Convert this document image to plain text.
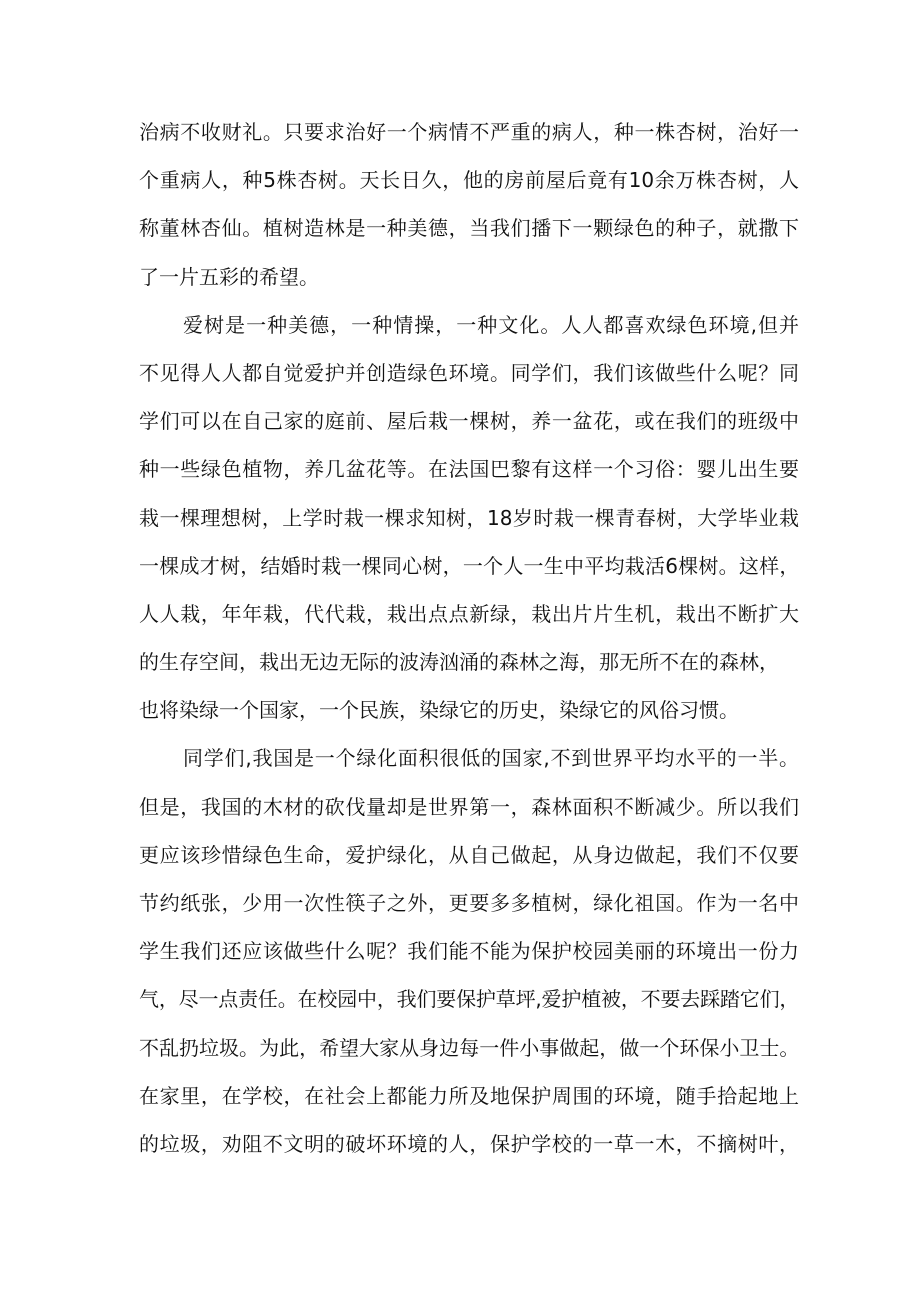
治病不收财礼。只要求治好一个病情不严重的病人，种一株杏树，治好一
个重病人，种5株杏树。天长日久，他的房前屋后竟有10余万株杏树，人
称董林杏仙。植树造林是一种美德，当我们播下一颗绿色的种子，就撒下
了一片五彩的希望。
爱树是一种美德，一种情操，一种文化。人人都喜欢绿色环境,但并
不见得人人都自觉爱护并创造绿色环境。同学们，我们该做些什么呢？同
学们可以在自己家的庭前、屋后栽一棵树，养一盆花，或在我们的班级中
种一些绿色植物，养几盆花等。在法国巴黎有这样一个习俗：婴儿出生要
栽一棵理想树，上学时栽一棵求知树，18岁时栽一棵青春树，大学毕业栽
一棵成才树，结婚时栽一棵同心树，一个人一生中平均栽活6棵树。这样，
人人栽，年年栽，代代栽，栽出点点新绿，栽出片片生机，栽出不断扩大
的生存空间，栽出无边无际的波涛汹涌的森林之海，那无所不在的森林，
也将染绿一个国家，一个民族，染绿它的历史，染绿它的风俗习惯。
同学们,我国是一个绿化面积很低的国家,不到世界平均水平的一半。
但是，我国的木材的砍伐量却是世界第一，森林面积不断减少。所以我们
更应该珍惜绿色生命，爱护绿化，从自己做起，从身边做起，我们不仅要
节约纸张，少用一次性筷子之外，更要多多植树，绿化祖国。作为一名中
学生我们还应该做些什么呢？我们能不能为保护校园美丽的环境出一份力
气，尽一点责任。在校园中，我们要保护草坪,爱护植被，不要去踩踏它们，
不乱扔垃圾。为此，希望大家从身边每一件小事做起，做一个环保小卫士。
在家里，在学校，在社会上都能力所及地保护周围的环境，随手拾起地上
的垃圾，劝阻不文明的破坏环境的人，保护学校的一草一木，不摘树叶，
